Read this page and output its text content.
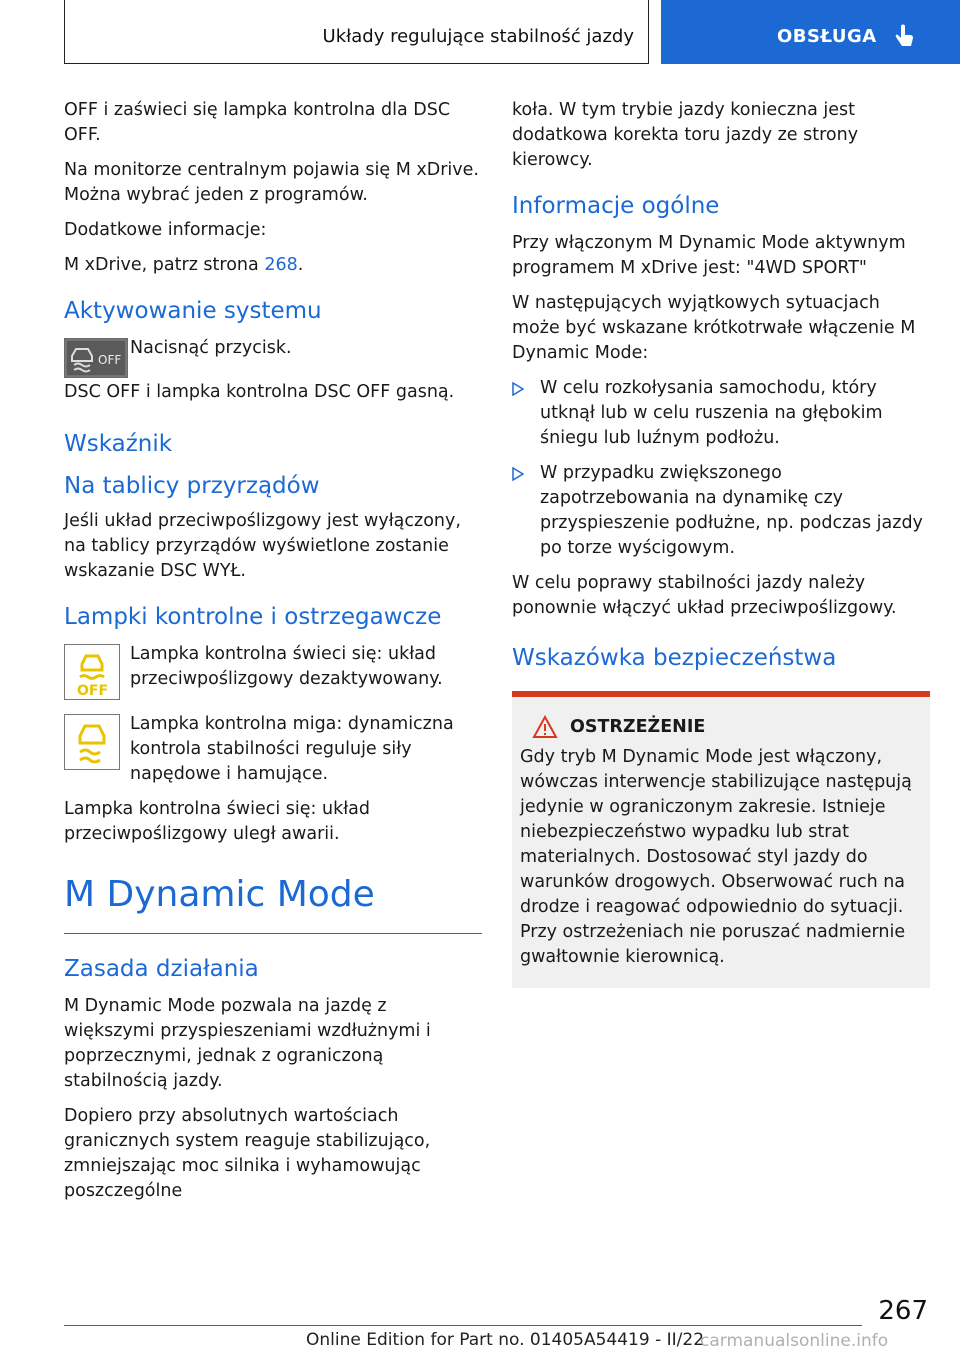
Układy regulujące stabilność jazdy	OBSŁUGA

OFF i zaświeci się lampka kontrolna dla DSC OFF.

Na monitorze centralnym pojawia się M xDrive. Można wybrać jeden z programów.

Dodatkowe informacje:

M xDrive, patrz strona 268.

Aktywowanie systemu
OFF

Nacisnąć przycisk.

DSC OFF i lampka kontrolna DSC OFF gasną.

Wskaźnik
Na tablicy przyrządów

Jeśli układ przeciwpoślizgowy jest wyłączony, na tablicy przyrządów wyświetlone zostanie wskazanie DSC WYŁ.

Lampki kontrolne i ostrzegawcze
OFF

Lampka kontrolna świeci się: układ przeciwpoślizgowy dezaktywowany.

Lampka kontrolna miga: dynamiczna kontrola stabilności reguluje siły napędowe i hamujące.

Lampka kontrolna świeci się: układ przeciwpoślizgowy uległ awarii.

M Dynamic Mode
Zasada działania

M Dynamic Mode pozwala na jazdę z większymi przyspieszeniami wzdłużnymi i poprzecznymi, jednak z ograniczoną stabilnością jazdy.

Dopiero przy absolutnych wartościach granicznych system reaguje stabilizująco, zmniejszając moc silnika i wyhamowując poszczególne

koła. W tym trybie jazdy konieczna jest dodatkowa korekta toru jazdy ze strony kierowcy.

Informacje ogólne

Przy włączonym M Dynamic Mode aktywnym programem M xDrive jest: "4WD SPORT"

W następujących wyjątkowych sytuacjach może być wskazane krótkotrwałe włączenie M Dynamic Mode:

W celu rozkołysania samochodu, który utknął lub w celu ruszenia na głębokim śniegu lub luźnym podłożu.
W przypadku zwiększonego zapotrzebowania na dynamikę czy przyspieszenie podłużne, np. podczas jazdy po torze wyścigowym.

W celu poprawy stabilności jazdy należy ponownie włączyć układ przeciwpoślizgowy.

Wskazówka bezpieczeństwa
OSTRZEŻENIE

Gdy tryb M Dynamic Mode jest włączony, wówczas interwencje stabilizujące następują jedynie w ograniczonym zakresie. Istnieje niebezpieczeństwo wypadku lub strat materialnych. Dostosować styl jazdy do warunków drogowych. Obserwować ruch na drodze i reagować odpowiednio do sytuacji. Przy ostrzeżeniach nie poruszać nadmiernie gwałtownie kierownicą.

267
Online Edition for Part no. 01405A54419 - II/22
carmanualsonline.info
